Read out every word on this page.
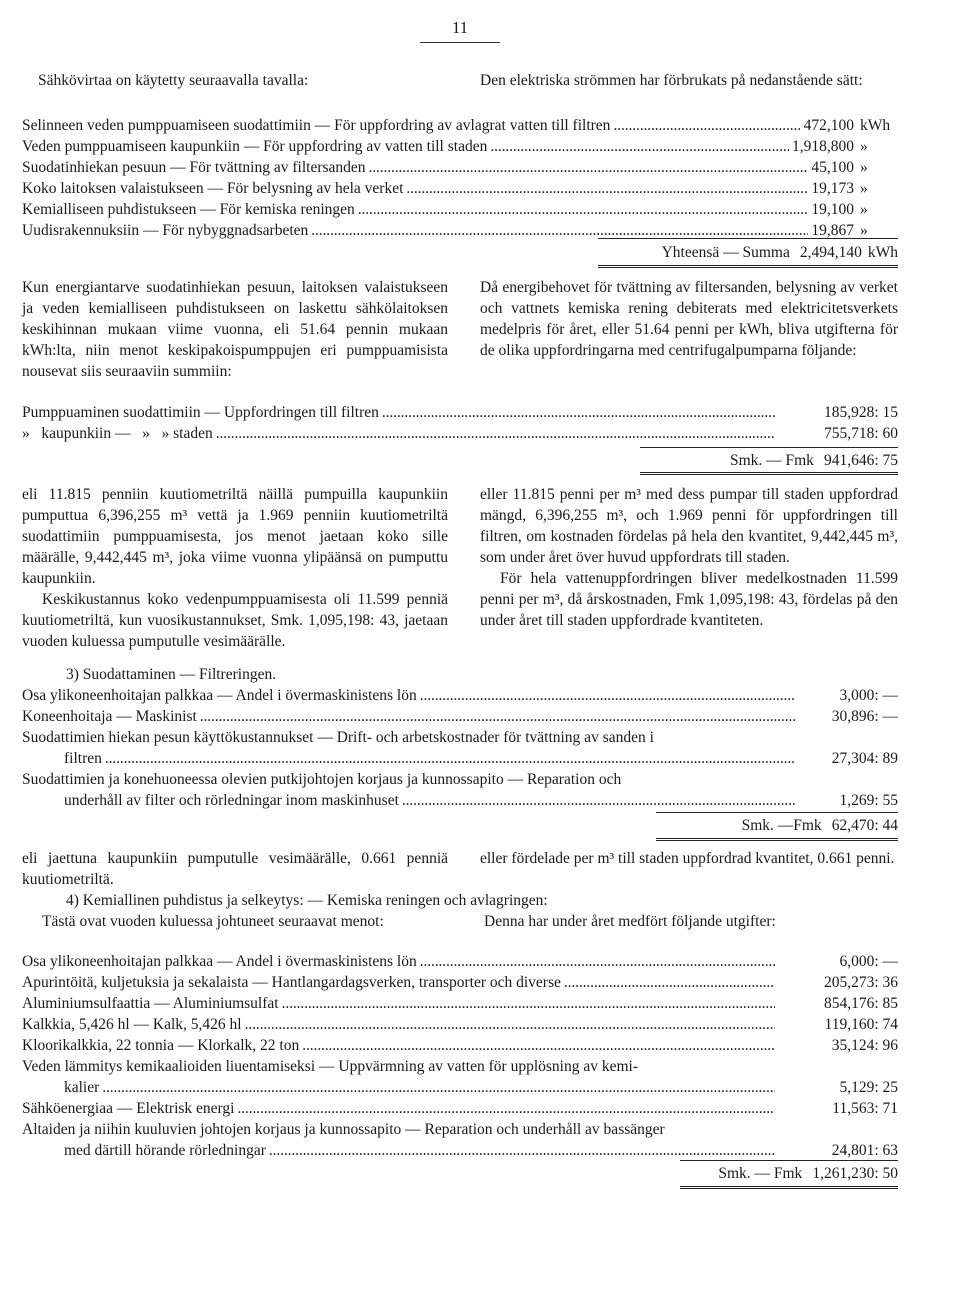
11
Sähkövirtaa on käytetty seuraavalla tavalla:	Den elektriska strömmen har förbrukats på nedanstående sätt:
Selinneen veden pumppuamiseen suodattimiin — För uppfordring av avlagrat vatten till filtren . . .	472,100 kWh
Veden pumppuamiseen kaupunkiin — För uppfordring av vatten till staden . . .	1,918,800 »
Suodatinhiekan pesuun — För tvättning av filtersanden . . .	45,100 »
Koko laitoksen valaistukseen — För belysning av hela verket . . .	19,173 »
Kemialliseen puhdistukseen — För kemiska reningen . . .	19,100 »
Uudisrakennuksiin — För nybyggnadsarbeten . . .	19,867 »
Yhteensä — Summa 2,494,140 kWh
Kun energiantarve suodatinhiekan pesuun, laitoksen valaistukseen ja veden kemialliseen puhdistukseen on laskettu sähkölaitoksen keskihinnan mukaan viime vuonna, eli 51.64 pennin mukaan kWh:lta, niin menot keskipakoispumppujen eri pumppuamisista nousevat siis seuraaviin summiin:
Då energibehovet för tvättning av filtersanden, belysning av verket och vattnets kemiska rening debiterats med elektricitetsverkets medelpris för året, eller 51.64 penni per kWh, bliva utgifterna för de olika uppfordringarna med centrifugalpumparna följande:
Pumppuaminen suodattimiin — Uppfordringen till filtren . . .	185,928: 15
»   kaupunkiin —   »   » staden . . .	755,718: 60
Smk. — Fmk 941,646: 75
eli 11.815 penniin kuutiometriltä näillä pumpuilla kaupunkiin pumputtua 6,396,255 m³ vettä ja 1.969 penniin kuutiometriltä suodattimiin pumppuamisesta, jos menot jaetaan koko sille määrälle, 9,442,445 m³, joka viime vuonna ylipäänsä on pumputtu kaupunkiin.
Keskikustannus koko vedenpumppuamisesta oli 11.599 penniä kuutiometriltä, kun vuosikustannukset, Smk. 1,095,198: 43, jaetaan vuoden kuluessa pumputulle vesimäärälle.
eller 11.815 penni per m³ med dess pumpar till staden uppfordrad mängd, 6,396,255 m³, och 1.969 penni för uppfordringen till filtren, om kostnaden fördelas på hela den kvantitet, 9,442,445 m³, som under året över huvud uppfordrats till staden.
För hela vattenuppfordringen bliver medelkostnaden 11.599 penni per m³, då årskostnaden, Fmk 1,095,198: 43, fördelas på den under året till staden uppfordrade kvantiteten.
3) Suodattaminen — Filtreringen.
Osa ylikoneenhoitajan palkkaa — Andel i övermaskinistens lön . . .	3,000: —
Koneenhoitaja — Maskinist . . .	30,896: —
Suodattimien hiekan pesun käyttökustannukset — Drift- och arbetskostnader för tvättning av sanden i
filtren . . .	27,304: 89
Suodattimien ja konehuoneessa olevien putkijohtojen korjaus ja kunnossapito — Reparation och
underhåll av filter och rörledningar inom maskinhuset . . .	1,269: 55
Smk. —Fmk 62,470: 44
eli jaettuna kaupunkiin pumputulle vesimäärälle, 0.661 penniä kuutiometriltä.
eller fördelade per m³ till staden uppfordrad kvantitet, 0.661 penni.
4) Kemiallinen puhdistus ja selkeytys: — Kemiska reningen och avlagringen:
Tästä ovat vuoden kuluessa johtuneet seuraavat menot:	Denna har under året medfört följande utgifter:
Osa ylikoneenhoitajan palkkaa — Andel i övermaskinistens lön . . .	6,000: —
Apurintöitä, kuljetuksia ja sekalaista — Hantlangardagsverken, transporter och diverse . . .	205,273: 36
Aluminiumsulfaattia — Aluminiumsulfat . . .	854,176: 85
Kalkkia, 5,426 hl — Kalk, 5,426 hl . . .	119,160: 74
Kloorikalkkia, 22 tonnia — Klorkalk, 22 ton . . .	35,124: 96
Veden lämmitys kemikaalioiden liuentamiseksi — Uppvärmning av vatten för upplösning av kemi-
kalier . . .	5,129: 25
Sähköenergiaa — Elektrisk energi . . .	11,563: 71
Altaiden ja niihin kuuluvien johtojen korjaus ja kunnossapito — Reparation och underhåll av bassänger
med därtill hörande rörledningar . . .	24,801: 63
Smk. — Fmk 1,261,230: 50
